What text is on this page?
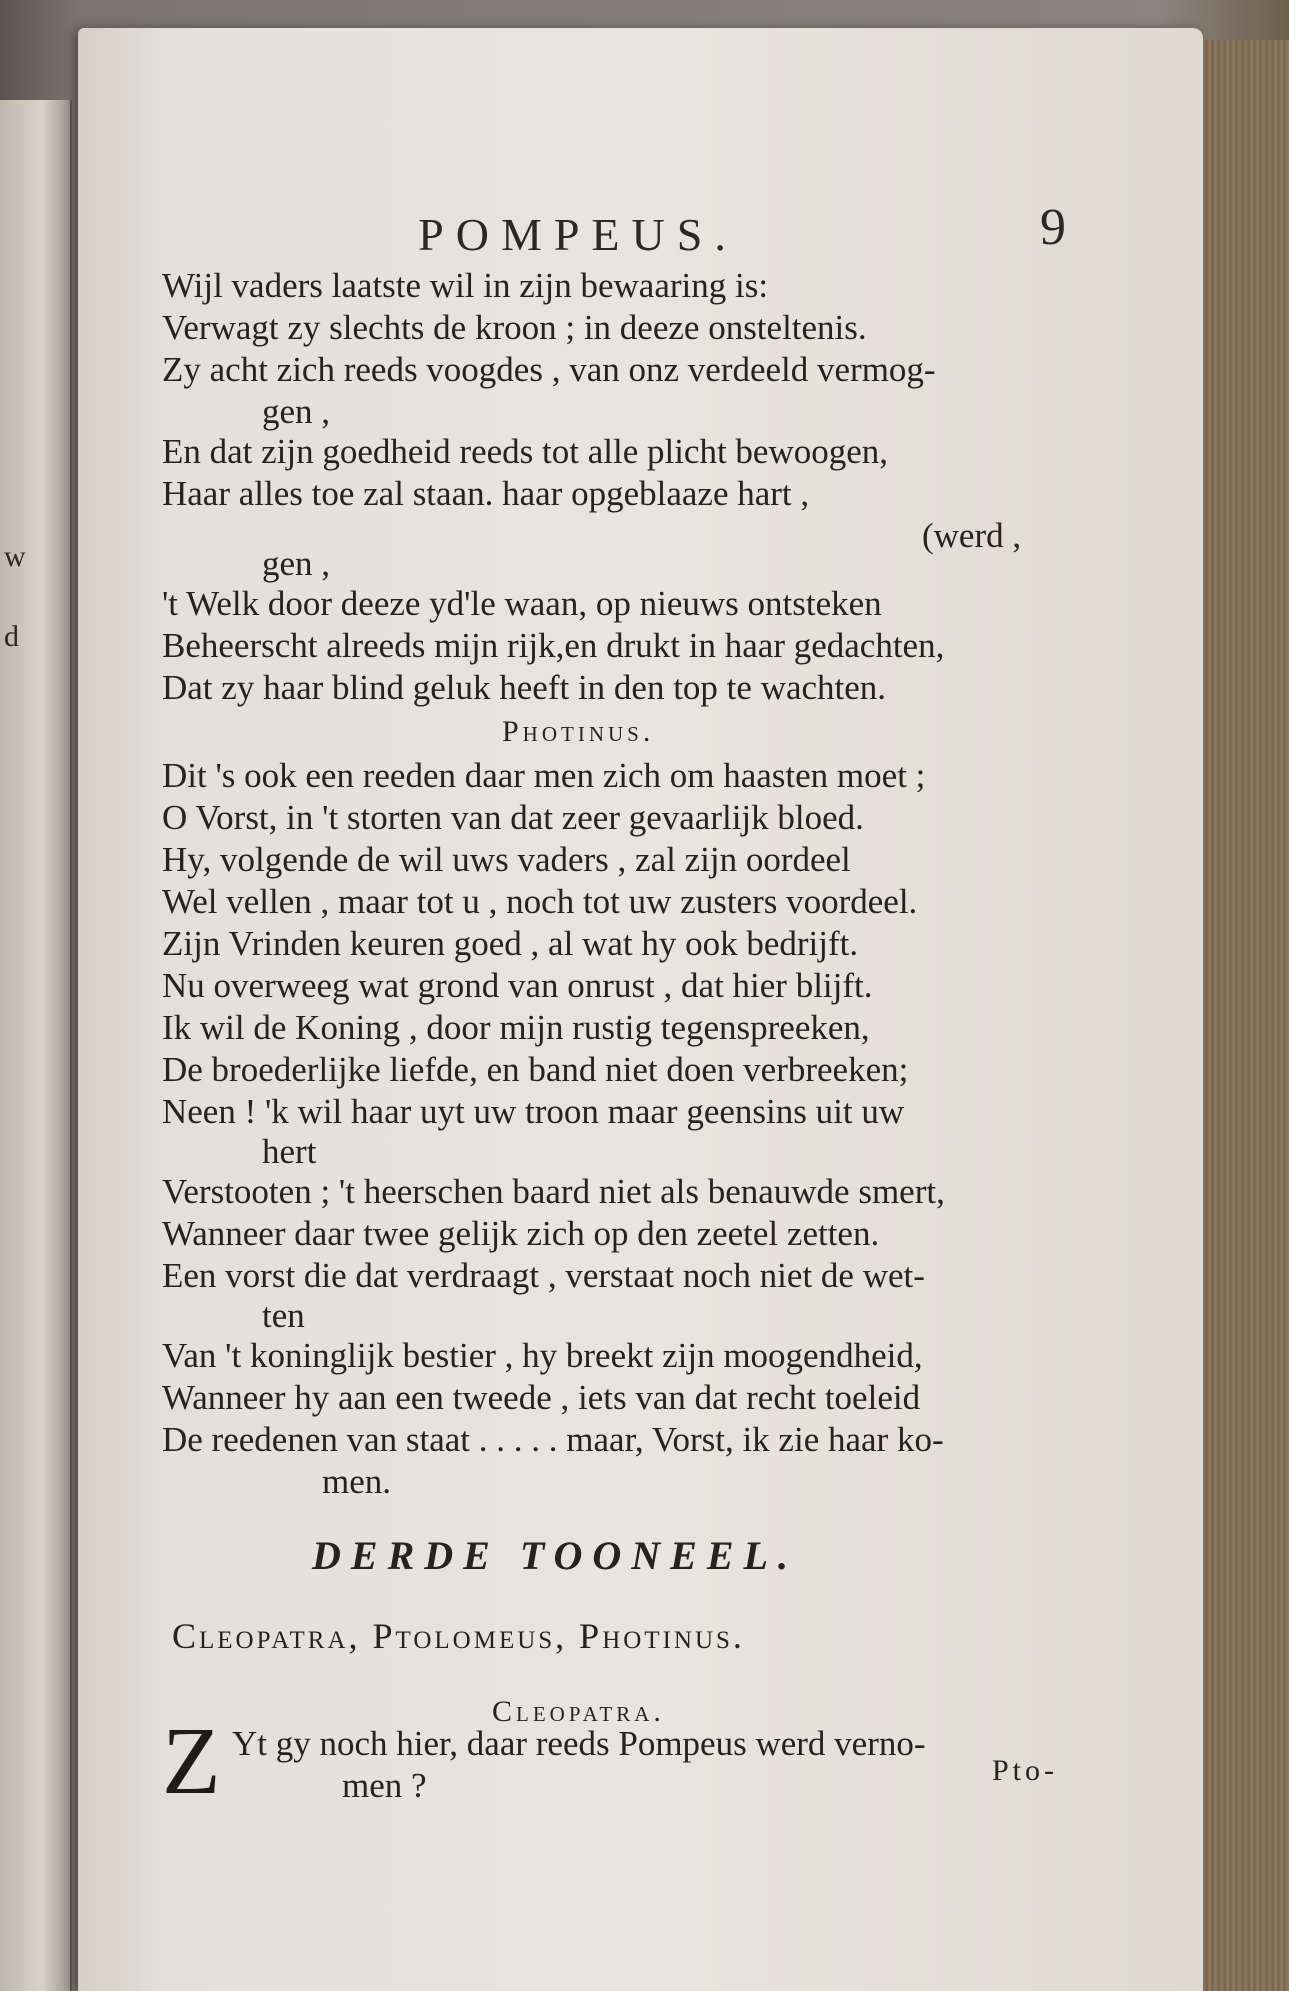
w
d
POMPEUS.	9
Wijl vaders laatste wil in zijn bewaaring is:
Verwagt zy slechts de kroon ; in deeze onsteltenis.
Zy acht zich reeds voogdes , van onz verdeeld vermog-
gen ,
En dat zijn goedheid reeds tot alle plicht bewoogen,
Haar alles toe zal staan. haar opgeblaaze hart ,
(werd ,
gen ,
't Welk door deeze yd'le waan, op nieuws ontsteken
Beheerscht alreeds mijn rijk,en drukt in haar gedachten,
Dat zy haar blind geluk heeft in den top te wachten.
Photinus.
Dit 's ook een reeden daar men zich om haasten moet ;
O Vorst, in 't storten van dat zeer gevaarlijk bloed.
Hy, volgende de wil uws vaders , zal zijn oordeel
Wel vellen , maar tot u , noch tot uw zusters voordeel.
Zijn Vrinden keuren goed , al wat hy ook bedrijft.
Nu overweeg wat grond van onrust , dat hier blijft.
Ik wil de Koning , door mijn rustig tegenspreeken,
De broederlijke liefde, en band niet doen verbreeken;
Neen ! 'k wil haar uyt uw troon maar geensins uit uw
hert
Verstooten ; 't heerschen baard niet als benauwde smert,
Wanneer daar twee gelijk zich op den zeetel zetten.
Een vorst die dat verdraagt , verstaat noch niet de wet-
ten
Van 't koninglijk bestier , hy breekt zijn moogendheid,
Wanneer hy aan een tweede , iets van dat recht toeleid
De reedenen van staat . . . . . maar, Vorst, ik zie haar ko-
men.
DERDE TOONEEL.
Cleopatra, Ptolomeus, Photinus.
Cleopatra.
Z Yt gy noch hier, daar reeds Pompeus werd verno-
men ?	Pto-
